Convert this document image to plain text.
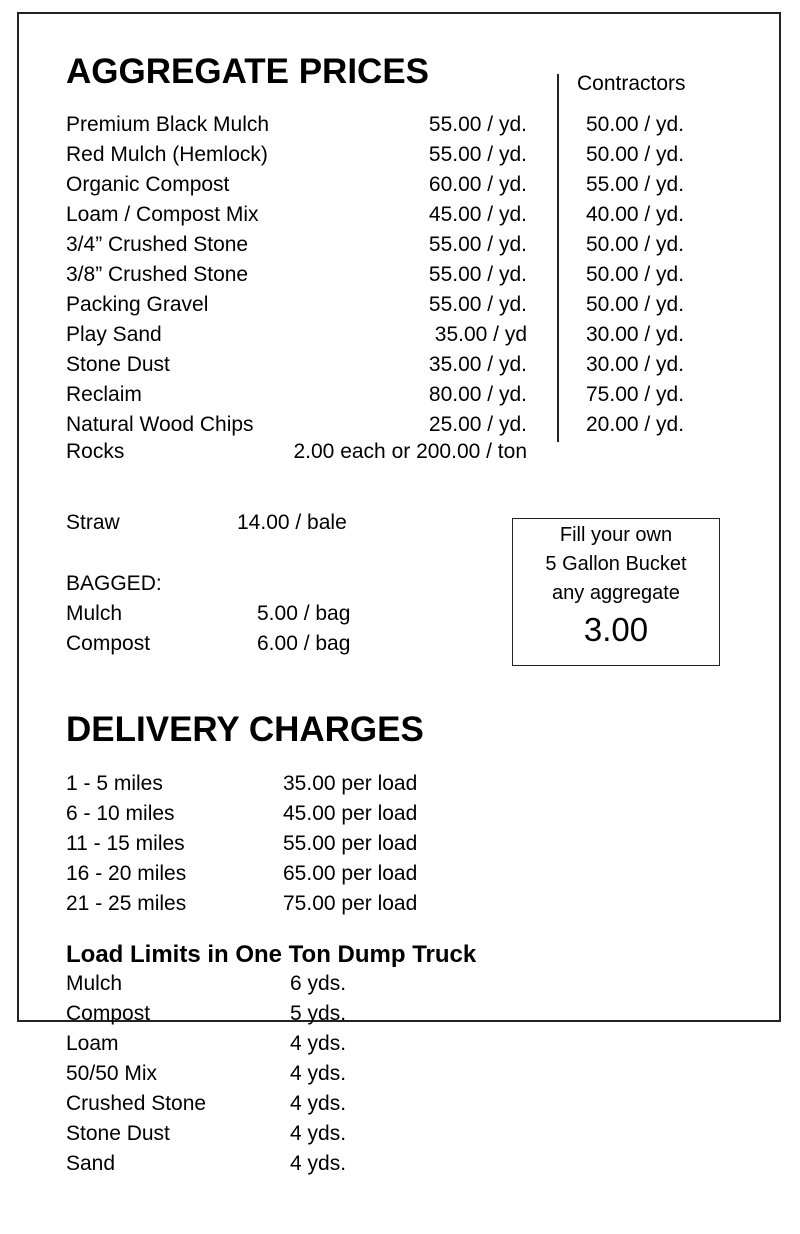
AGGREGATE PRICES	Contractors
Premium Black Mulch	55.00 / yd.	50.00 / yd.
Red Mulch (Hemlock)	55.00 / yd.	50.00 / yd.
Organic Compost	60.00 / yd.	55.00 / yd.
Loam / Compost Mix	45.00 / yd.	40.00 / yd.
3/4” Crushed Stone	55.00 / yd.	50.00 / yd.
3/8” Crushed Stone	55.00 / yd.	50.00 / yd.
Packing Gravel	55.00 / yd.	50.00 / yd.
Play Sand	35.00 / yd	30.00 / yd.
Stone Dust	35.00 / yd.	30.00 / yd.
Reclaim	80.00 / yd.	75.00 / yd.
Natural Wood Chips	25.00 / yd.	20.00 / yd.
Rocks	2.00 each or 200.00 / ton
Straw	14.00 / bale
BAGGED:
Mulch	5.00 / bag
Compost	6.00 / bag
Fill your own
5 Gallon Bucket
any aggregate
3.00
DELIVERY CHARGES
1 - 5 miles	35.00 per load
6 - 10 miles	45.00 per load
11 - 15 miles	55.00 per load
16 - 20 miles	65.00 per load
21 - 25 miles	75.00 per load
Load Limits in One Ton Dump Truck
Mulch	6 yds.
Compost	5 yds.
Loam	4 yds.
50/50 Mix	4 yds.
Crushed Stone	4 yds.
Stone Dust	4 yds.
Sand	4 yds.
